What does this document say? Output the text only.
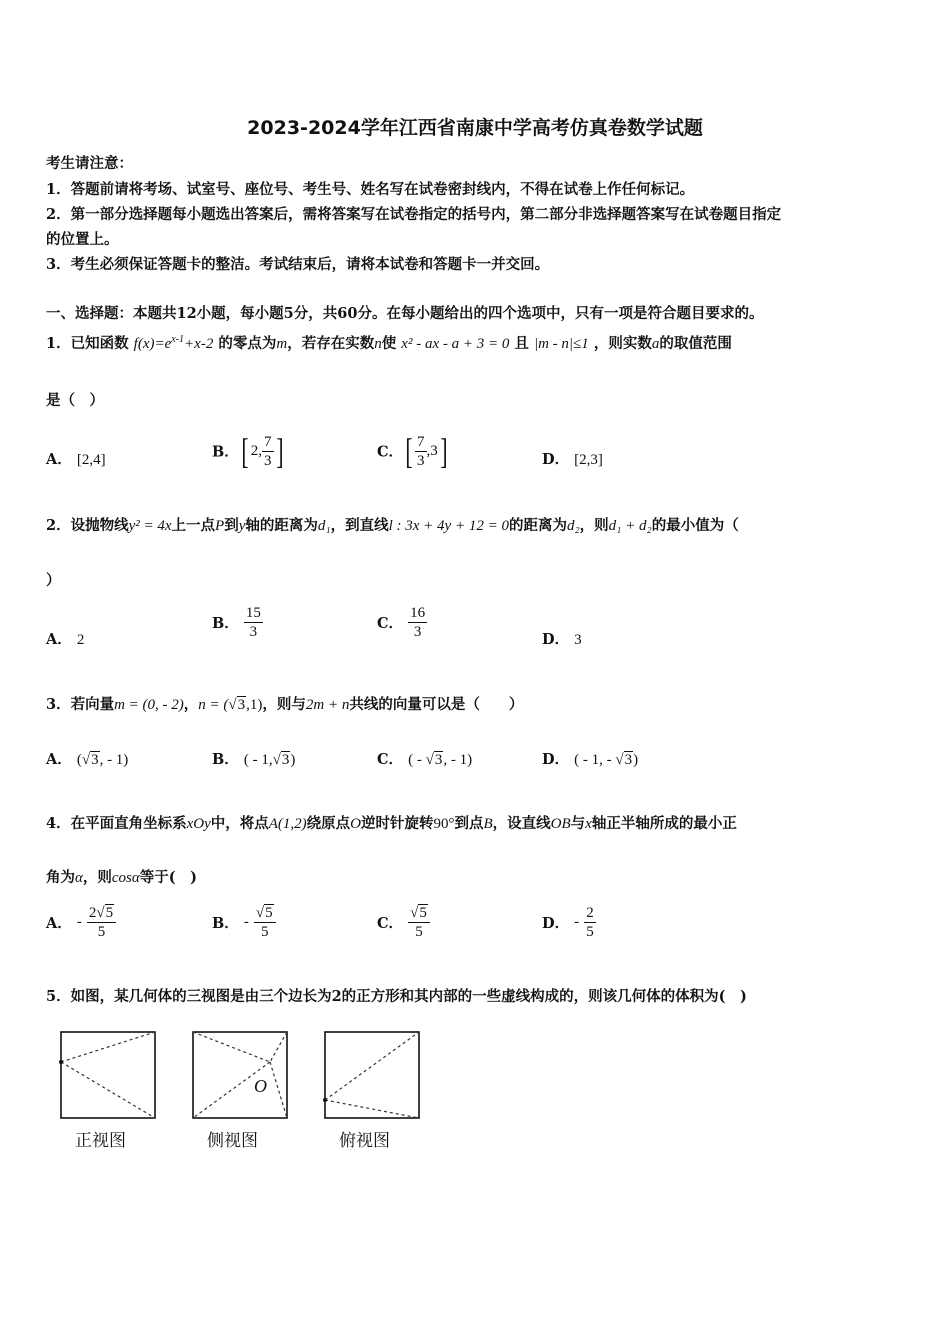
2023-2024学年江西省南康中学高考仿真卷数学试题
考生请注意：
1．答题前请将考场、试室号、座位号、考生号、姓名写在试卷密封线内，不得在试卷上作任何标记。
2．第一部分选择题每小题选出答案后，需将答案写在试卷指定的括号内，第二部分非选择题答案写在试卷题目指定
的位置上。
3．考生必须保证答题卡的整洁。考试结束后，请将本试卷和答题卡一并交回。
一、选择题：本题共12小题，每小题5分，共60分。在每小题给出的四个选项中，只有一项是符合题目要求的。
1．已知函数 $f(x)=e^{x-1}+x-2$ 的零点为m，若存在实数n使 x² - ax - a + 3 = 0 且 |m - n|≤1 ，则实数a的取值范围
是（　）
A． [2,4]	B．[ 2, $\frac{7}{3}$ ]	C．[ $\frac{7}{3} ,3$]	D． [2,3]
2．设抛物线y² = 4x上一点P到y轴的距离为d₁，到直线l : 3x + 4y + 12 = 0的距离为d₂，则d₁ + d₂的最小值为（
）
A． 2
B． $\frac{15}{3}$	C． $\frac{16}{3}$	D． 3
3．若向量m = (0, - 2)，n = (√3,1)，则与2m + n共线的向量可以是（　　）
A． (√3, - 1)	B． ( - 1,√3)	C． ( - √3, - 1)	D． ( - 1, - √3)
4．在平面直角坐标系xOy中，将点A(1,2)绕原点O逆时针旋转90°到点B，设直线OB与x轴正半轴所成的最小正
角为α，则cosα等于(　)
A． - $\frac{2√5}{5}$	B． - $\frac{√5}{5}$	C． $\frac{√5}{5}$	D． - $\frac{2}{5}$
5．如图，某几何体的三视图是由三个边长为2的正方形和其内部的一些虚线构成的，则该几何体的体积为(　)
正视图
O
侧视图	俯视图
